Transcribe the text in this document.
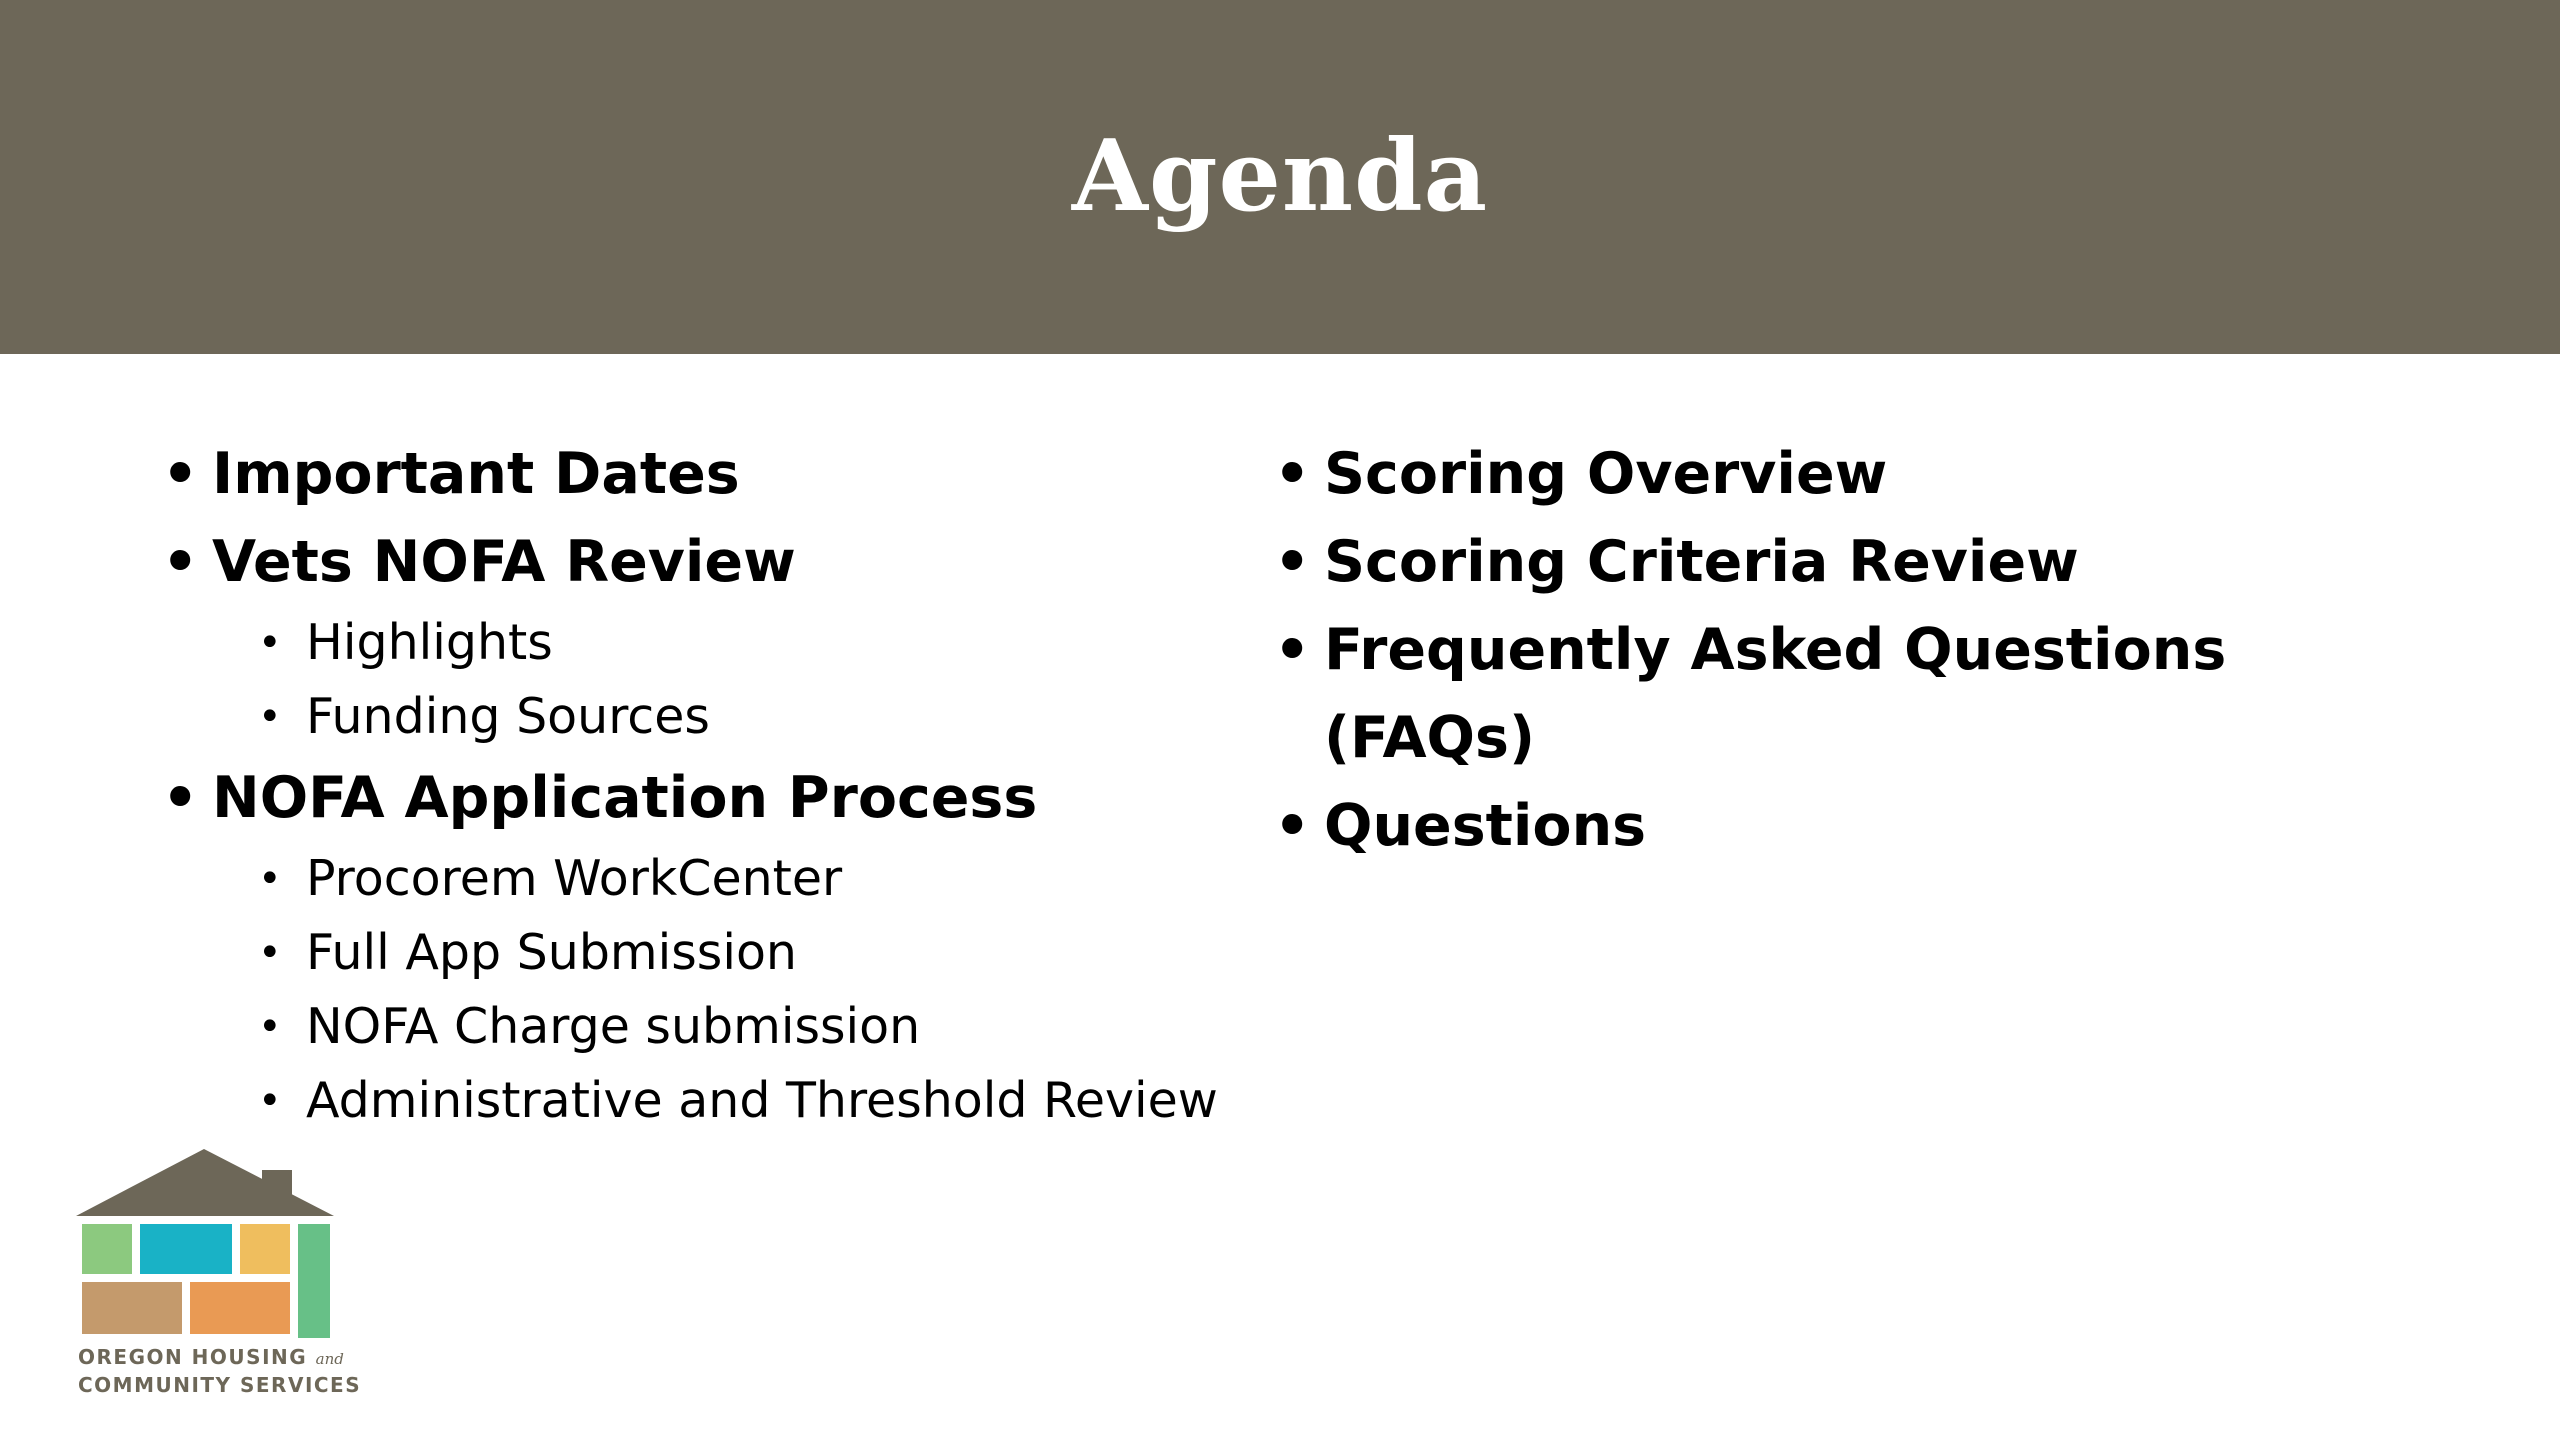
Agenda
• Important Dates
• Vets NOFA Review
• Highlights
• Funding Sources
• NOFA Application Process
• Procorem WorkCenter
• Full App Submission
• NOFA Charge submission
• Administrative and Threshold Review
• Scoring Overview
• Scoring Criteria Review
• Frequently Asked Questions
(FAQs)
• Questions
OREGON HOUSING and
COMMUNITY SERVICES
